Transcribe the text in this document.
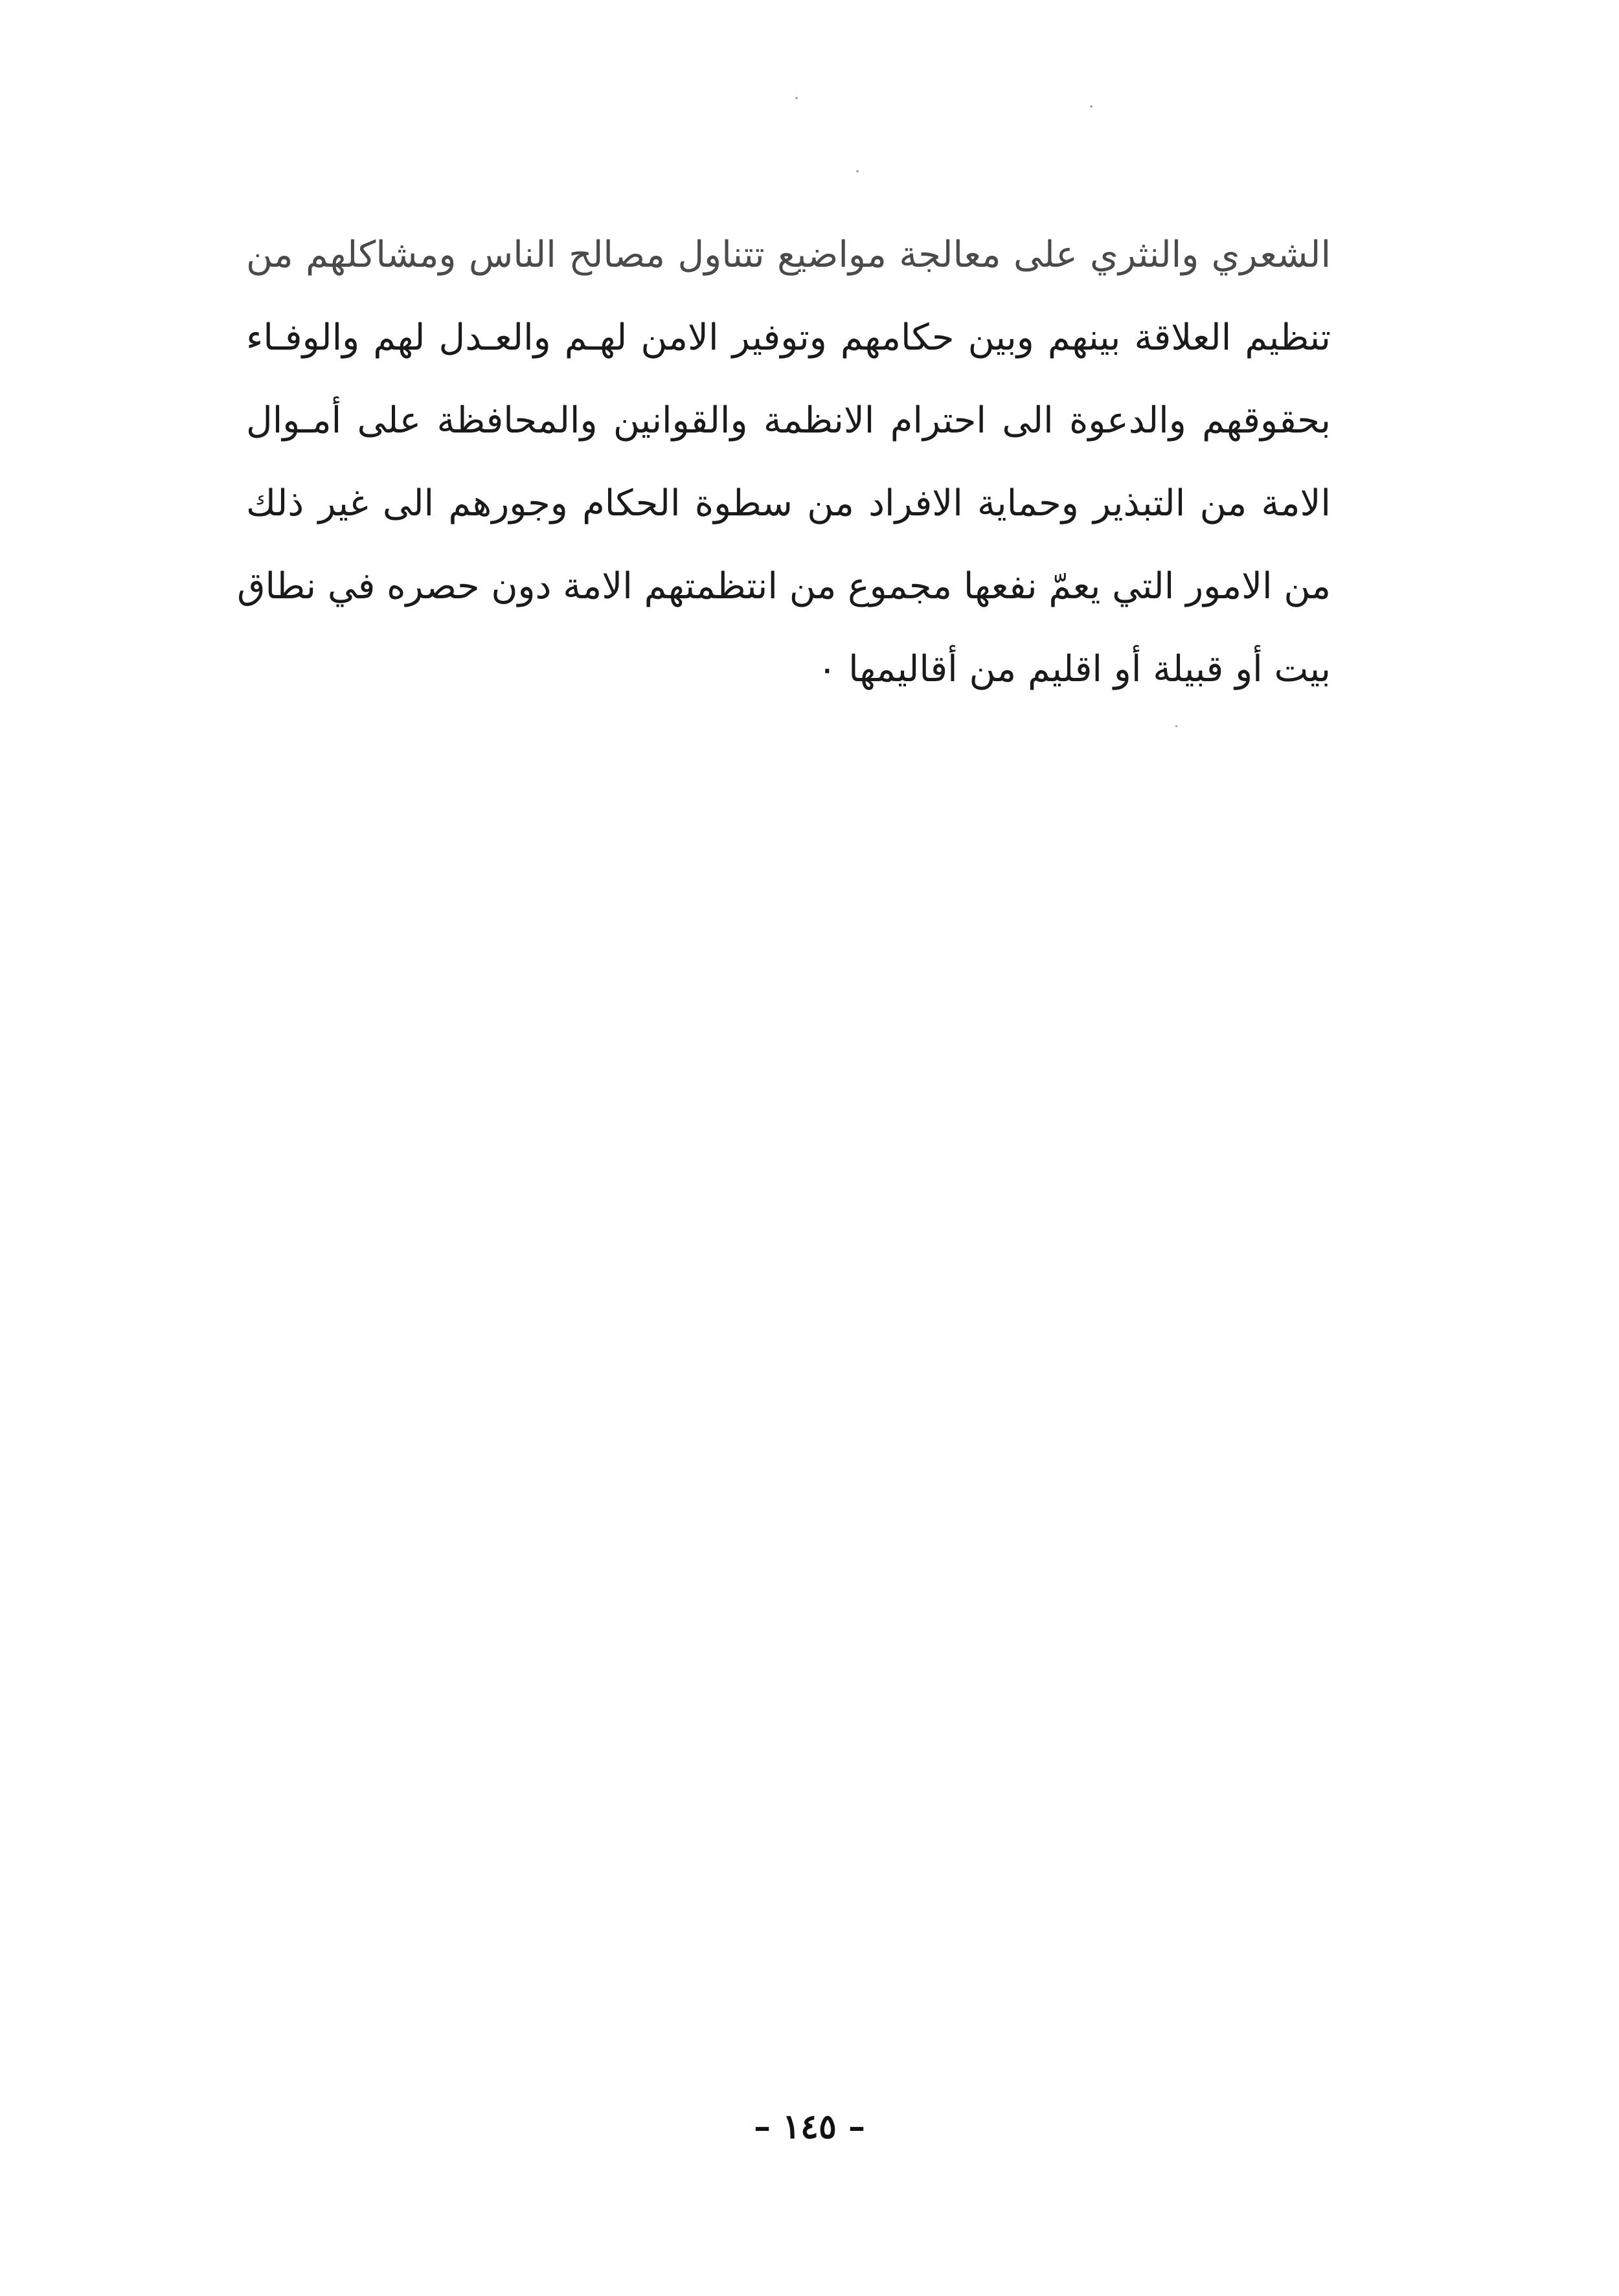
الشعري والنثري على معالجة مواضيع تتناول مصالح الناس ومشاكلهم من
تنظيم العلاقة بينهم وبين حكامهم وتوفير الامن لهـم والعـدل لهم والوفـاء
بحقوقهم والدعوة الى احترام الانظمة والقوانين والمحافظة على أمـوال
الامة من التبذير وحماية الافراد من سطوة الحكام وجورهم الى غير ذلك
من الامور التي يعمّ نفعها مجموع من انتظمتهم الامة دون حصره في نطاق
بيت أو قبيلة أو اقليم من أقاليمها ٠
– ١٤٥ –
